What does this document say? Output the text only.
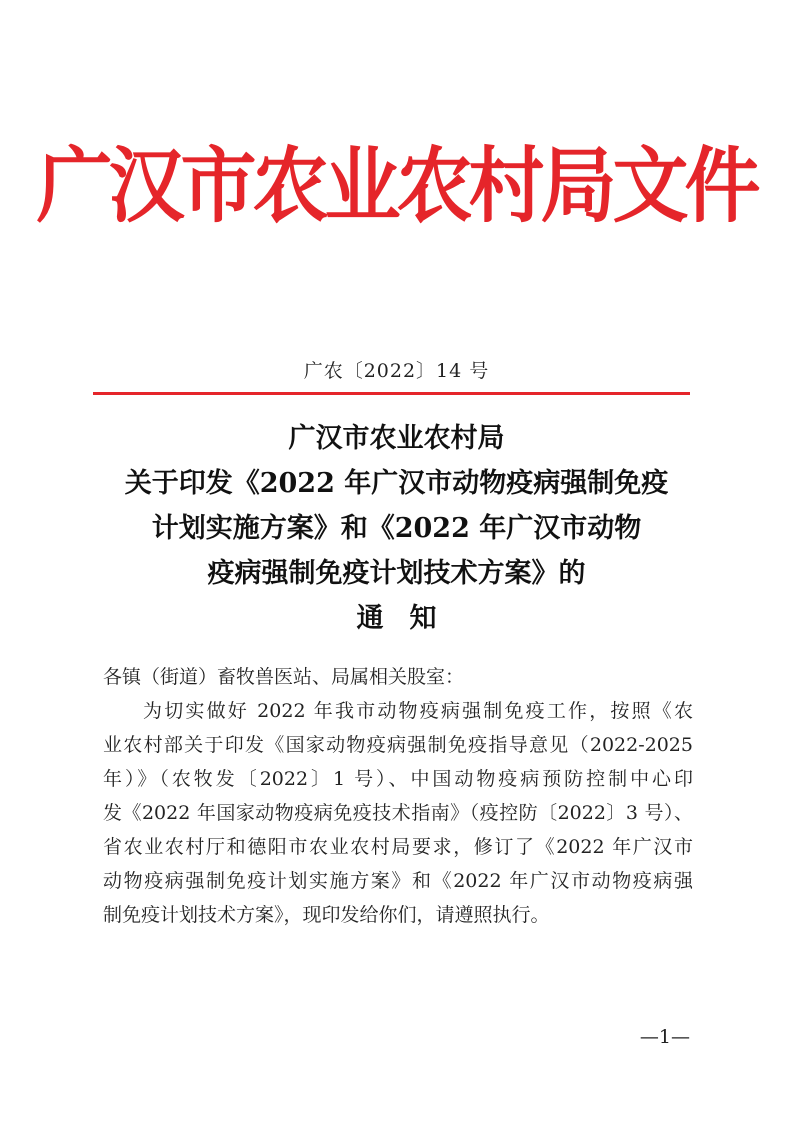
广汉市农业农村局文件
广农〔2022〕14 号
广汉市农业农村局
关于印发《2022 年广汉市动物疫病强制免疫
计划实施方案》和《2022 年广汉市动物
疫病强制免疫计划技术方案》的
通知
各镇（街道）畜牧兽医站、局属相关股室：
为切实做好 2022 年我市动物疫病强制免疫工作，按照《农
业农村部关于印发《国家动物疫病强制免疫指导意见（2022-2025
年）》（农牧发〔2022〕1 号）、中国动物疫病预防控制中心印
发《2022 年国家动物疫病免疫技术指南》（疫控防〔2022〕3 号）、
省农业农村厅和德阳市农业农村局要求，修订了《2022 年广汉市
动物疫病强制免疫计划实施方案》和《2022 年广汉市动物疫病强
制免疫计划技术方案》，现印发给你们，请遵照执行。
—1—
